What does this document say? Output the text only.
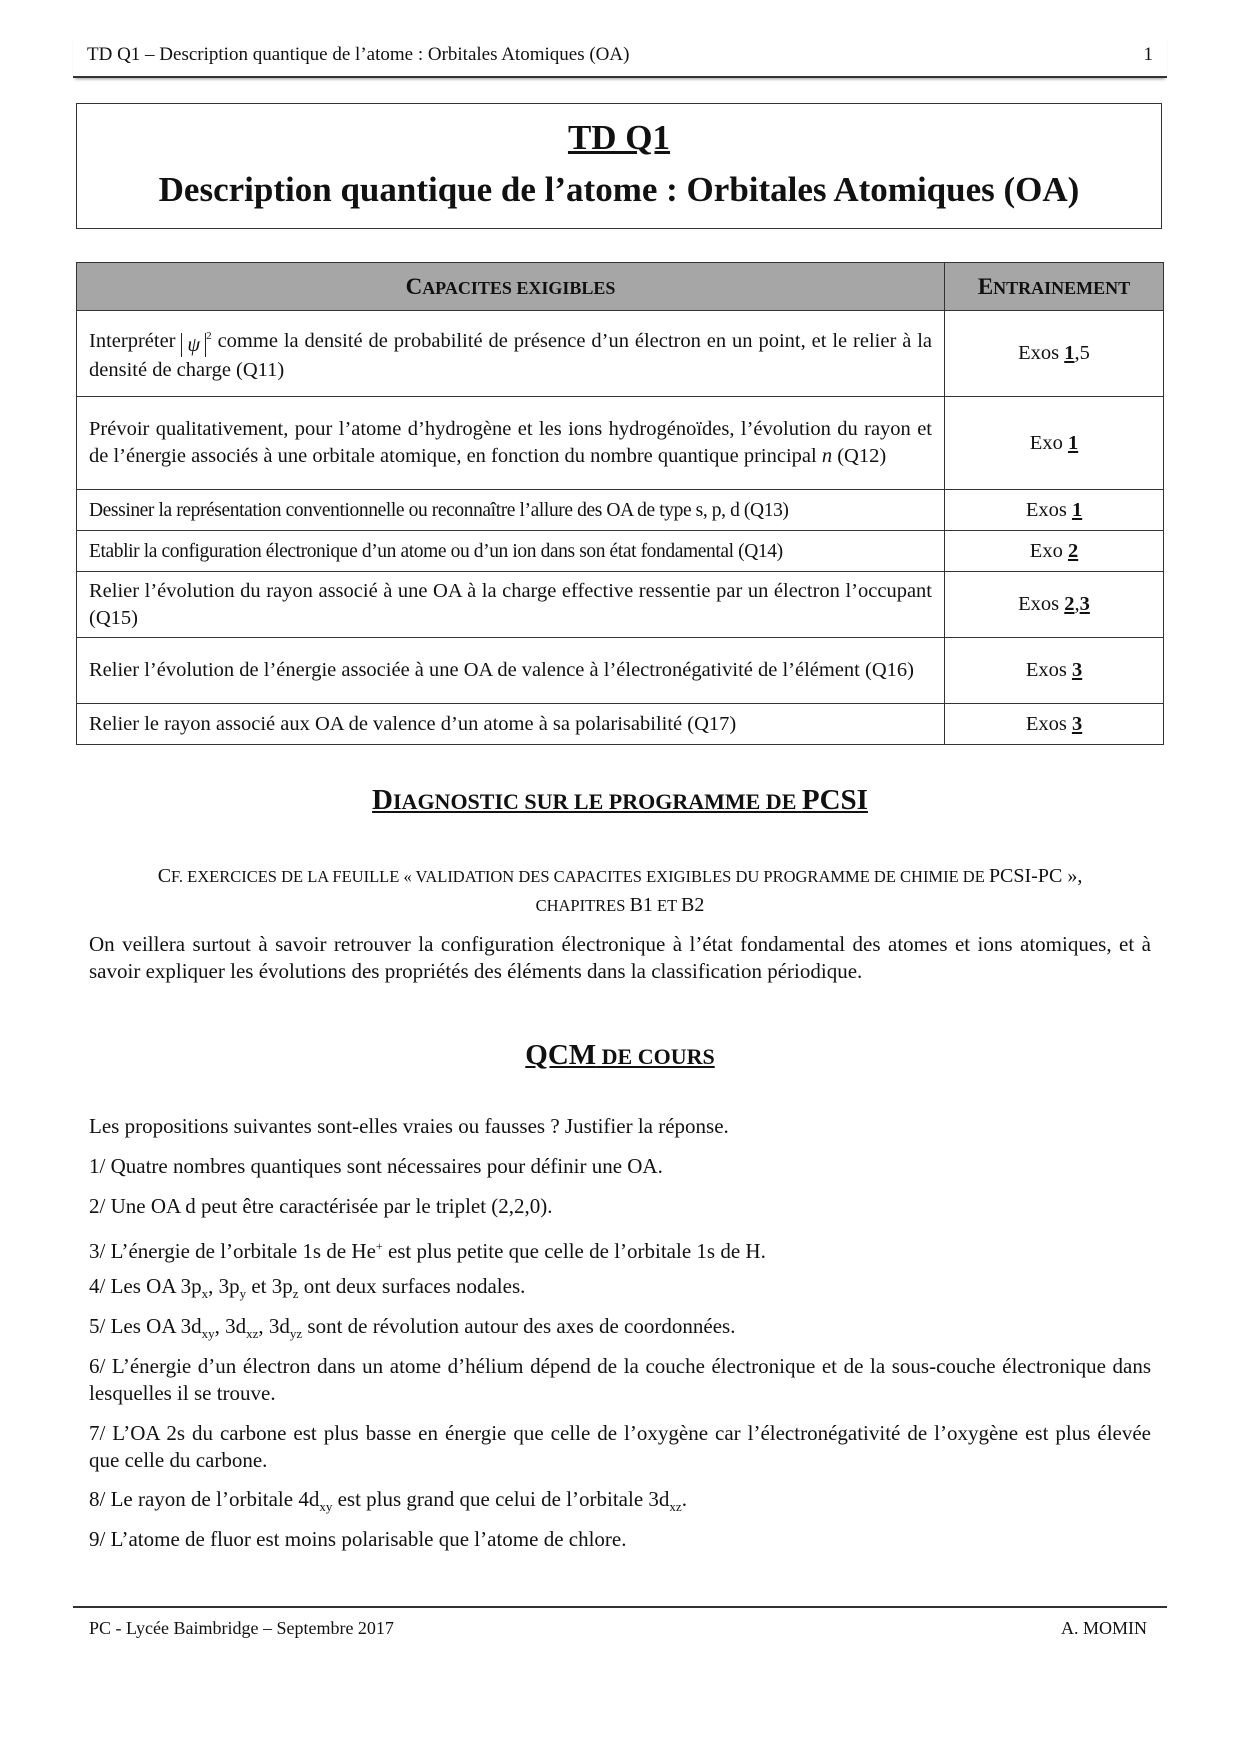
TD Q1 – Description quantique de l’atome : Orbitales Atomiques (OA)	1
TD Q1
Description quantique de l’atome : Orbitales Atomiques (OA)
CAPACITES EXIGIBLES	ENTRAINEMENT
Interpréter ψ $^2$ comme la densité de probabilité de présence d’un électron en un point, et le relier à la densité de charge (Q11)	Exos 1,5
Prévoir qualitativement, pour l’atome d’hydrogène et les ions hydrogénoïdes, l’évolution du rayon et de l’énergie associés à une orbitale atomique, en fonction du nombre quantique principal n (Q12)	Exo 1
Dessiner la représentation conventionnelle ou reconnaître l’allure des OA de type s, p, d (Q13)	Exos 1
Etablir la configuration électronique d’un atome ou d’un ion dans son état fondamental (Q14)	Exo 2
Relier l’évolution du rayon associé à une OA à la charge effective ressentie par un électron l’occupant (Q15)	Exos 2,3
Relier l’évolution de l’énergie associée à une OA de valence à l’électronégativité de l’élément (Q16)	Exos 3
Relier le rayon associé aux OA de valence d’un atome à sa polarisabilité (Q17)	Exos 3
DIAGNOSTIC SUR LE PROGRAMME DE PCSI
CF. EXERCICES DE LA FEUILLE « VALIDATION DES CAPACITES EXIGIBLES DU PROGRAMME DE CHIMIE DE PCSI-PC »,
CHAPITRES B1 ET B2
On veillera surtout à savoir retrouver la configuration électronique à l’état fondamental des atomes et ions atomiques, et à savoir expliquer les évolutions des propriétés des éléments dans la classification périodique.
QCM DE COURS
Les propositions suivantes sont-elles vraies ou fausses ? Justifier la réponse.
1/ Quatre nombres quantiques sont nécessaires pour définir une OA.
2/ Une OA d peut être caractérisée par le triplet (2,2,0).
3/ L’énergie de l’orbitale 1s de He+ est plus petite que celle de l’orbitale 1s de H.
4/ Les OA $3p_x$, $3p_y$ et $3p_z$ ont deux surfaces nodales.
5/ Les OA $3d_{xy}$, $3d_{xz}$, $3d_{yz}$ sont de révolution autour des axes de coordonnées.
6/ L’énergie d’un électron dans un atome d’hélium dépend de la couche électronique et de la sous-couche électronique dans lesquelles il se trouve.
7/ L’OA 2s du carbone est plus basse en énergie que celle de l’oxygène car l’électronégativité de l’oxygène est plus élevée que celle du carbone.
8/ Le rayon de l’orbitale $4d_{xy}$ est plus grand que celui de l’orbitale $3d_{xz}$.
9/ L’atome de fluor est moins polarisable que l’atome de chlore.
PC - Lycée Baimbridge – Septembre 2017	A. MOMIN
